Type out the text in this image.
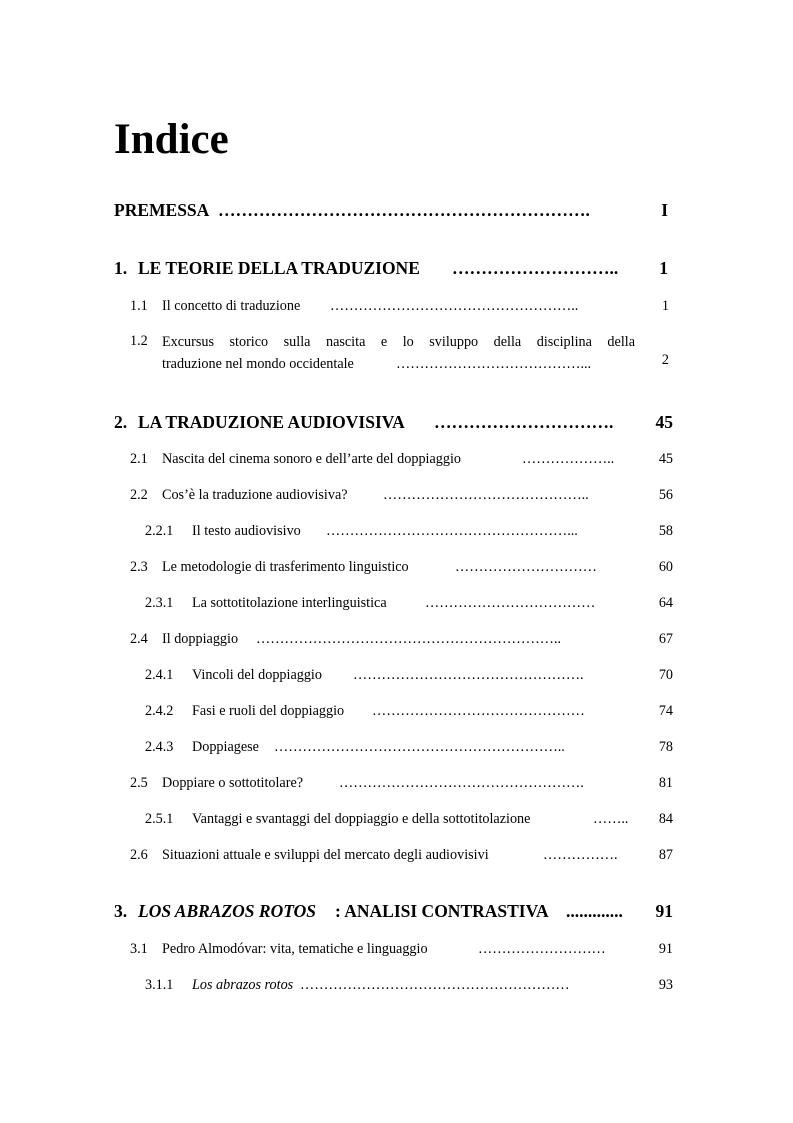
Indice
PREMESSA ……………………………………………………….	I
1. LE TEORIE DELLA TRADUZIONE ………………………..	1
1.1 Il concetto di traduzione ……………………………………………..	1
1.2 Excursus storico sulla nascita e lo sviluppo della disciplina della
traduzione nel mondo occidentale	…………………………………...	2
2. LA TRADUZIONE AUDIOVISIVA ………………………….	45
2.1 Nascita del cinema sonoro e dell’arte del doppiaggio	………………..	45
2.2 Cos’è la traduzione audiovisiva? ……………………………………..	56
2.2.1 Il testo audiovisivo ……………………………………………...	58
2.3 Le metodologie di trasferimento linguistico	…………………………	60
2.3.1 La sottotitolazione interlinguistica	………………………………	64
2.4 Il doppiaggio ………………………………………………………..	67
2.4.1 Vincoli del doppiaggio ………………………………………….	70
2.4.2 Fasi e ruoli del doppiaggio ………………………………………	74
2.4.3 Doppiagese ……………………………………………………..	78
2.5 Doppiare o sottotitolare?	…………………………………………….	81
2.5.1 Vantaggi e svantaggi del doppiaggio e della sottotitolazione	……..	84
2.6 Situazioni attuale e sviluppi del mercato degli audiovisivi	…………….	87
3. LOS ABRAZOS ROTOS : ANALISI CONTRASTIVA .............	91
3.1 Pedro Almodóvar: vita, tematiche e linguaggio	………………………	91
3.1.1 Los abrazos rotos …………………………………………………	93
